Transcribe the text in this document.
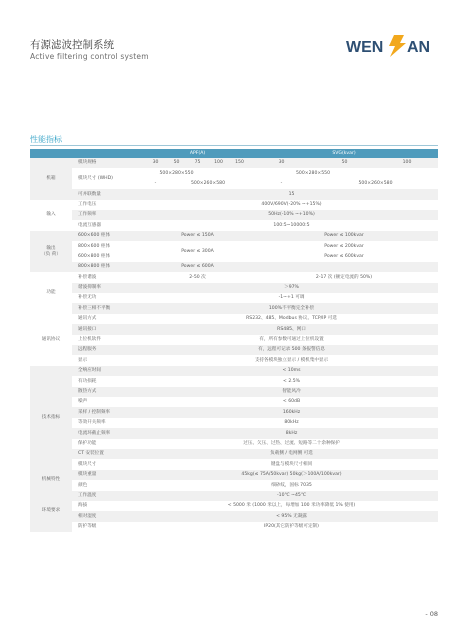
有源滤波控制系统
Active filtering control system
WEN AN
性能指标
		APF(A)					SVG(kvar)		
机箱	模块规格	30	50	75	100	150	30	50	100
	模块尺寸 (WHD)	500×280×550					500×280×550		
		-	500×260×580				-	500×260×580	
	可并联数量	15							
输入	工作电压	400V/690V(-20% ~+15%)							
	工作频率	50Hz(-10% ~+10%)							
	电流互感器	100:5~10000:5							

输出
（负 荷）	600×600 柜体	Power ≤ 150A					Power ≤ 100kvar		
	800×600 柜体	Power ≤ 300A					Power ≤ 200kvar		
	600×800 柜体						Power ≤ 600kvar		
	800×800 柜体	Power ≤ 600A							
功能	补偿谐波	2-50 次					2-17 次 (额定电流的 50%)		
	谐波抑制率	＞97%							
	补偿无功	-1~+1 可调							
	补偿三相不平衡	100%不平衡完全补偿							
通讯协议	通讯方式	RS232、485、Modbus 协议、TCP/IP 可选							
	通讯接口	RS485、网口							
	上位机软件	有，所有参数可通过上位机设置							
	远程服务	有，远程可记录 500 条报警信息							
	显示	支持各模块独立显示 / 模机集中显示							
技术指标	全响应时间	< 10ms							
	有功损耗	< 2.5%							
	散热方式	智能风冷							
	噪声	< 60dB							
	采样 / 控制频率	160kHz							
	等效开关频率	80kHz							
	电流环截止频率	8kHz							
	保护功能	过压、欠压、过热、过流、短路等二十余种保护							
	CT 安装位置	负载侧 / 电网侧 可选							
	模块尺寸	键盘与模块尺寸相同							
机械特性	模块重量	45kg(≤ 75A/50kvar) 50kg(＞100A/100kvar)							
	颜色	细砂纹，国标 7035							
环境要求	工作温度	-10℃ ~45℃							
	海拔	< 5000 米 (1000 米以上，每增加 100 米功率降低 1% 使用)							
	相对湿度	< 95% 无凝露							
	防护等级	IP20(其它防护等级可定制)							
- 08
